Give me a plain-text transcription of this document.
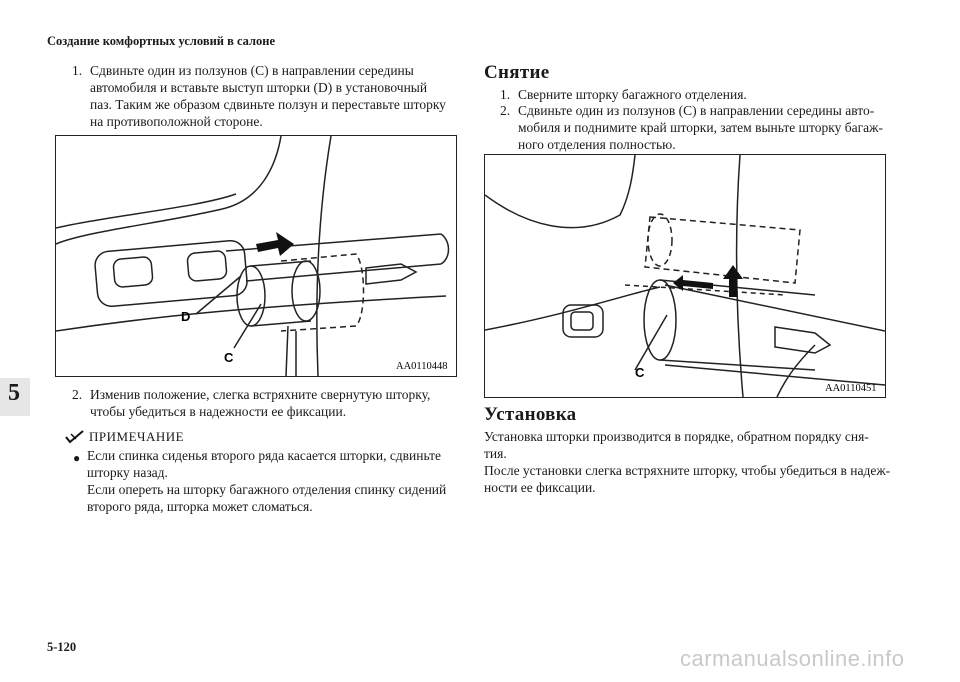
Создание комфортных условий в салоне
5
1. Сдвиньте один из ползунов (C) в направлении середины
автомобиля и вставьте выступ шторки (D) в установочный
паз. Таким же образом сдвиньте ползун и переставьте шторку
на противоположной стороне.
D
C
AA0110448
2. Изменив положение, слегка встряхните свернутую шторку,
чтобы убедиться в надежности ее фиксации.
ПРИМЕЧАНИЕ
● Если спинка сиденья второго ряда касается шторки, сдвиньте
шторку назад.
Если опереть на шторку багажного отделения спинку сидений
второго ряда, шторка может сломаться.
Снятие
1. Сверните шторку багажного отделения.
2. Сдвиньте один из ползунов (C) в направлении середины авто-
мобиля и поднимите край шторки, затем выньте шторку багаж-
ного отделения полностью.
C
AA0110451
Установка
Установка шторки производится в порядке, обратном порядку сня-
тия.
После установки слегка встряхните шторку, чтобы убедиться в надеж-
ности ее фиксации.
5-120	carmanualsonline.info
